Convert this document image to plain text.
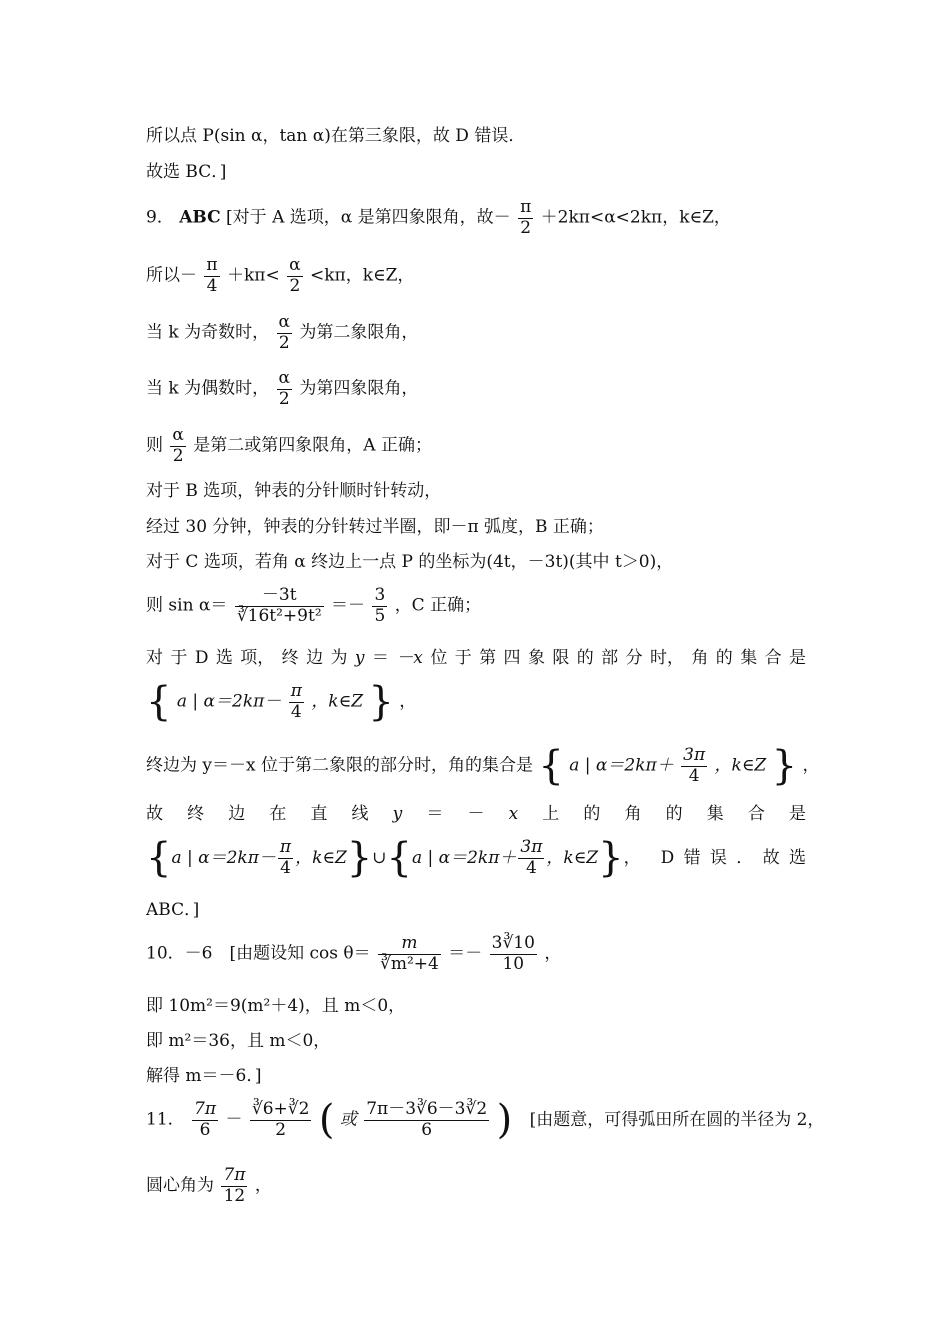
所以点 P(sin α，tan α)在第三象限，故 D 错误．
故选 BC．]
9． ABC [对于 A 选项，α 是第四象限角，故－ $\frac{\pi}{2} +2k\pi<\alpha<2k\pi$，k∈Z，
所以－ $\frac{\pi}{4} +k\pi< \frac{\alpha}{2} <k\pi$，k∈Z，
当 k 为奇数时， $\frac{\alpha}{2}$ 为第二象限角，
当 k 为偶数时， $\frac{\alpha}{2}$ 为第四象限角，
则 $\frac{\alpha}{2}$ 是第二或第四象限角，A 正确；
对于 B 选项，钟表的分针顺时针转动，
经过 30 分钟，钟表的分针转过半圈，即－π 弧度，B 正确；
对于 C 选项，若角 α 终边上一点 P 的坐标为(4t，－3t)(其中 t＞0)，
则 $\sin \alpha= \frac{-3t}{\text{∛16t²+9t²}} =- \frac{3}{5}$ ，C 正确；
对 于 D 选 项， 终 边 为 y ＝ －x 位 于 第 四 象 限 的 部 分 时， 角 的 集 合 是
{ a | $\alpha=2k\pi- \frac{\pi}{4}$ ，k∈Z } ，
终边为 y＝－x 位于第二象限的部分时，角的集合是 { a | $\alpha=2k\pi+ \frac{3\pi}{4}$ ，k∈Z } ，
故 终 边 在 直 线 y ＝ － x 上 的 角 的 集 合 是
{ a | $\alpha=2k\pi- \frac{\pi}{4}$ ，k∈Z } ∪ { a | $\alpha=2k\pi+ \frac{3\pi}{4}$ ，k∈Z } ， D 错 误 ． 故 选
ABC．]
10．－6　[由题设知 $\cos \theta= \frac{m}{\text{∛m²+4}} =- \frac{3∛10}{10}$ ，
即 10m²＝9(m²＋4)，且 m＜0，
即 m²＝36，且 m＜0，
解得 m＝－6．]
11． $\frac{7\pi}{6} - \frac{∛6+∛2}{2}$ ( 或 $\frac{7\pi-3∛6-3∛2}{6}$ ) [由题意，可得弧田所在圆的半径为 2，
圆心角为 $\frac{7\pi}{12}$ ，
